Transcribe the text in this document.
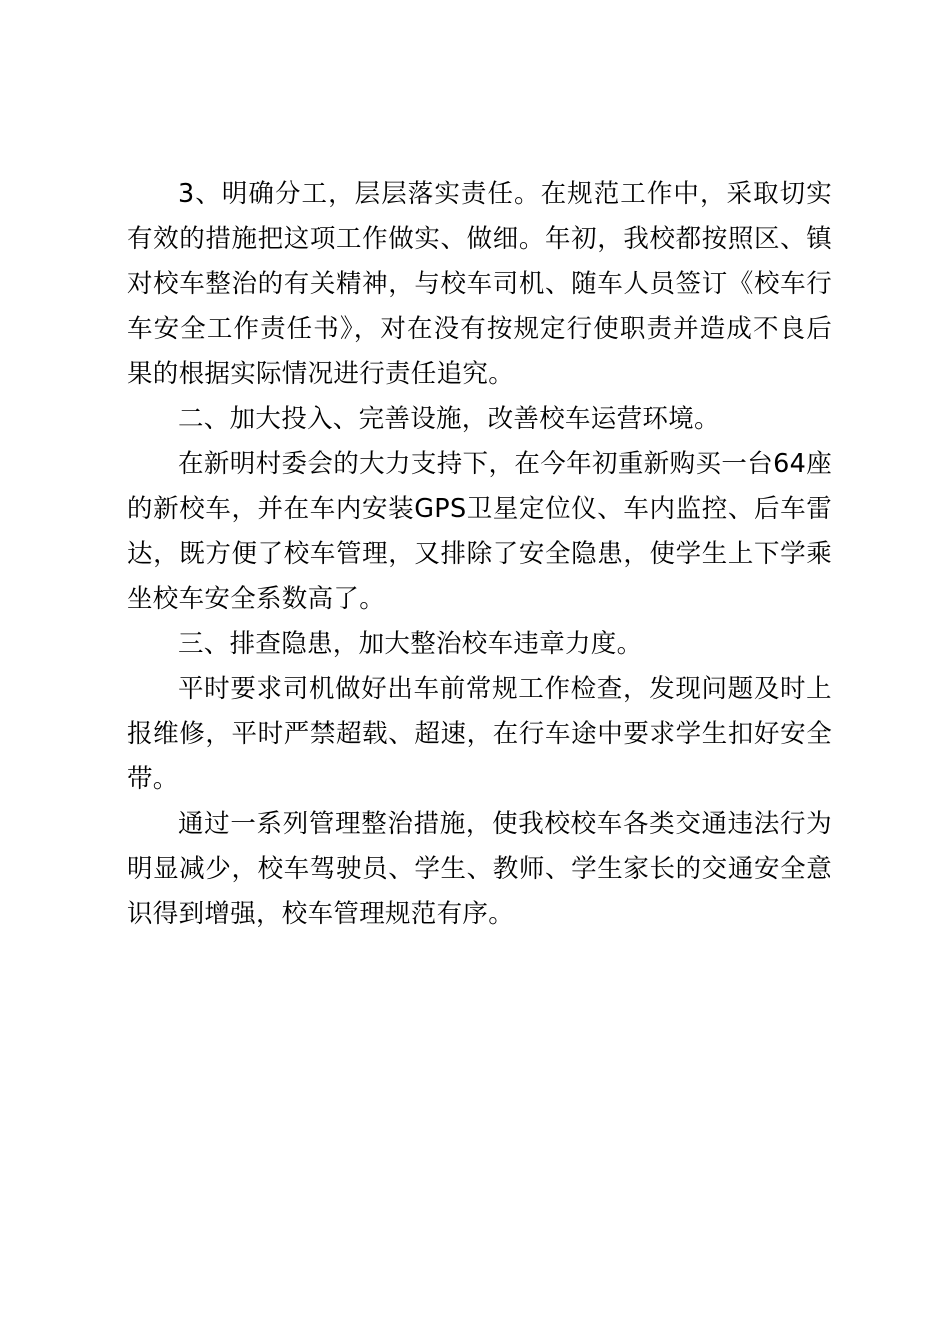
3、明确分工，层层落实责任。在规范工作中，采取切实有效的措施把这项工作做实、做细。年初，我校都按照区、镇对校车整治的有关精神，与校车司机、随车人员签订《校车行车安全工作责任书》，对在没有按规定行使职责并造成不良后果的根据实际情况进行责任追究。

二、加大投入、完善设施，改善校车运营环境。

在新明村委会的大力支持下，在今年初重新购买一台64座的新校车，并在车内安装GPS卫星定位仪、车内监控、后车雷达，既方便了校车管理，又排除了安全隐患，使学生上下学乘坐校车安全系数高了。

三、排查隐患，加大整治校车违章力度。

平时要求司机做好出车前常规工作检查，发现问题及时上报维修，平时严禁超载、超速，在行车途中要求学生扣好安全带。

通过一系列管理整治措施，使我校校车各类交通违法行为明显减少，校车驾驶员、学生、教师、学生家长的交通安全意识得到增强，校车管理规范有序。
